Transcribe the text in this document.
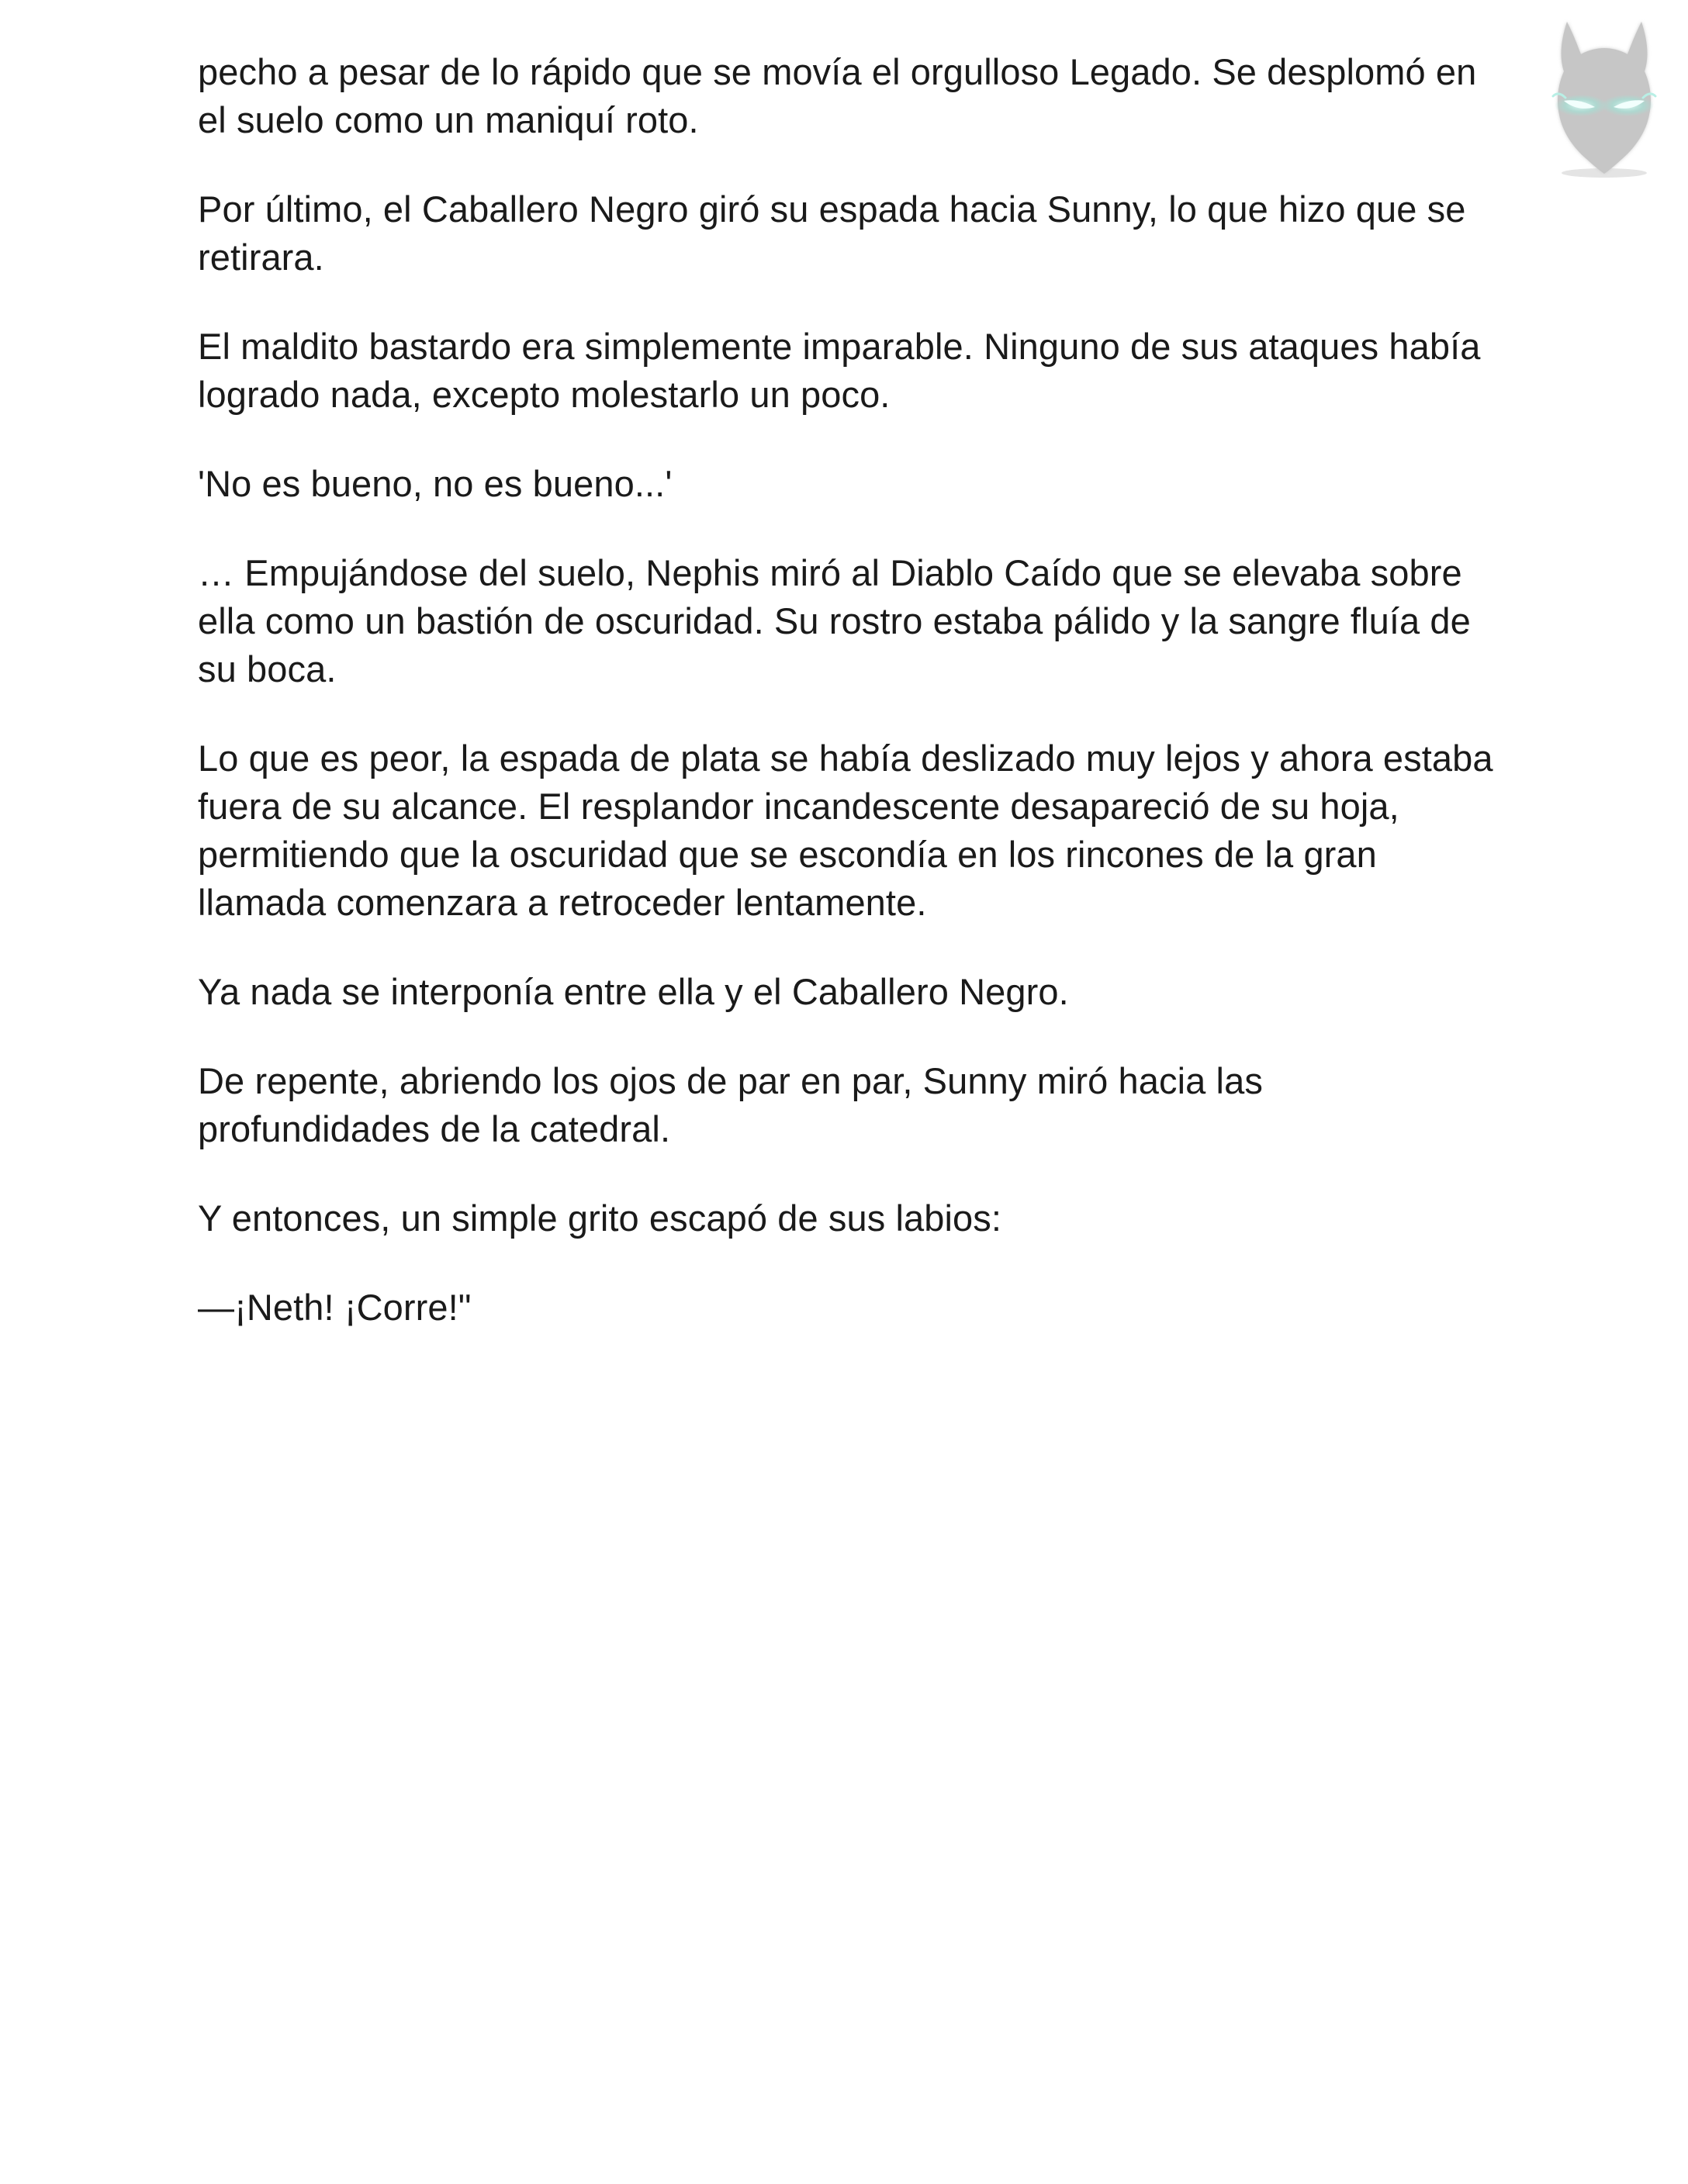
pecho a pesar de lo rápido que se movía el orgulloso Legado. Se desplomó en el suelo como un maniquí roto.

Por último, el Caballero Negro giró su espada hacia Sunny, lo que hizo que se retirara.

El maldito bastardo era simplemente imparable. Ninguno de sus ataques había logrado nada, excepto molestarlo un poco.

'No es bueno, no es bueno...'

… Empujándose del suelo, Nephis miró al Diablo Caído que se elevaba sobre ella como un bastión de oscuridad. Su rostro estaba pálido y la sangre fluía de su boca.

Lo que es peor, la espada de plata se había deslizado muy lejos y ahora estaba fuera de su alcance. El resplandor incandescente desapareció de su hoja, permitiendo que la oscuridad que se escondía en los rincones de la gran llamada comenzara a retroceder lentamente.

Ya nada se interponía entre ella y el Caballero Negro.

De repente, abriendo los ojos de par en par, Sunny miró hacia las profundidades de la catedral.

Y entonces, un simple grito escapó de sus labios:

—¡Neth! ¡Corre!"
